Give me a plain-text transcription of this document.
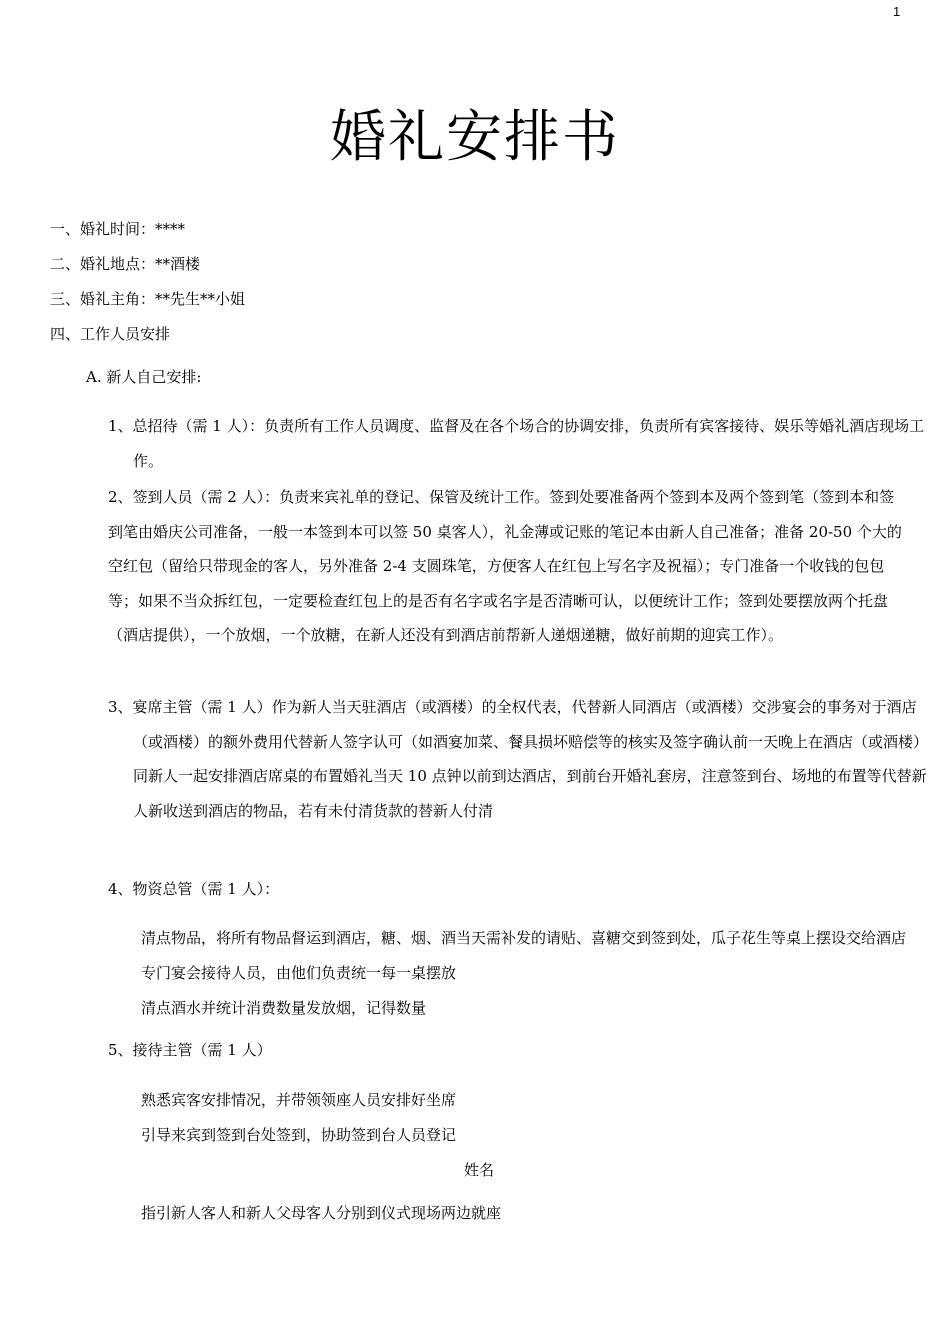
1
婚礼安排书
一、婚礼时间：****
二、婚礼地点：**酒楼
三、婚礼主角：**先生**小姐
四、工作人员安排
A. 新人自己安排:
1、总招待（需 1 人）：负责所有工作人员调度、监督及在各个场合的协调安排，负责所有宾客接待、娱乐等婚礼酒店现场工作。
2、签到人员（需 2 人）：负责来宾礼单的登记、保管及统计工作。签到处要准备两个签到本及两个签到笔（签到本和签到笔由婚庆公司准备，一般一本签到本可以签 50 桌客人），礼金薄或记账的笔记本由新人自己准备；准备 20-50 个大的空红包（留给只带现金的客人，另外准备 2-4 支圆珠笔，方便客人在红包上写名字及祝福）；专门准备一个收钱的包包等；如果不当众拆红包，一定要检查红包上的是否有名字或名字是否清晰可认，以便统计工作；签到处要摆放两个托盘（酒店提供），一个放烟，一个放糖，在新人还没有到酒店前帮新人递烟递糖，做好前期的迎宾工作）。
3、宴席主管（需 1 人）作为新人当天驻酒店（或酒楼）的全权代表，代替新人同酒店（或酒楼）交涉宴会的事务对于酒店（或酒楼）的额外费用代替新人签字认可（如酒宴加菜、餐具损坏赔偿等的核实及签字确认前一天晚上在酒店（或酒楼）同新人一起安排酒店席桌的布置婚礼当天 10 点钟以前到达酒店，到前台开婚礼套房，注意签到台、场地的布置等代替新人新收送到酒店的物品，若有未付清货款的替新人付清
4、物资总管（需 1 人）：
清点物品，将所有物品督运到酒店，糖、烟、酒当天需补发的请贴、喜糖交到签到处，瓜子花生等桌上摆设交给酒店专门宴会接待人员，由他们负责统一每一桌摆放
清点酒水并统计消费数量发放烟，记得数量
5、接待主管（需 1 人）
熟悉宾客安排情况，并带领领座人员安排好坐席
引导来宾到签到台处签到，协助签到台人员登记
姓名
指引新人客人和新人父母客人分别到仪式现场两边就座
